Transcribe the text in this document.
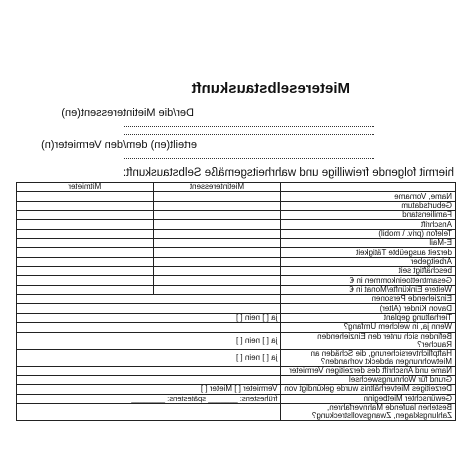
Mietereselbstauskunft
Der/die Mietinteressent(en)
erteilt(en) dem/den Vermieter(n)
hiermit folgende freiwillige und wahrheitsgemäße Selbstauskunft:
	Mietinteressent	Mitmieter
Name, Vorname		
Geburtsdatum		
Familienstand		
Anschrift		
Telefon (priv. \ mobil)		
E-Mail		
derzeit ausgeübte Tätigkeit		
Arbeitgeber		
beschäftigt seit		
Gesamtnettoeinkommen in €		
Weitere Einkünfte/Monat in €		
Einziehende Personen		
Davon Kinder (Alter)		
Tierhaltung geplant	ja [ ] nein [ ]	
Wenn ja, in welchem Umfang?		
Befinden sich unter den Einziehenden Raucher?	ja [ ] nein [ ]	
Haftpflichtversicherung, die Schäden an Mietwohnungen abdeckt vorhanden?	ja [ ] nein [ ]	
Name und Anschrift des derzeitigen Vermieter		
Grund für Wohnungswechsel		
Derzeitiges Mietverhältnis wurde gekündigt von	Vermieter [ ] Mieter [ ]	
Gewünschter Mietbeginn	frühestens: _______ spätestens: ________	
Bestehen laufende Mahnverfahren, Zahlungsklagen, Zwangsvollstreckung?		
